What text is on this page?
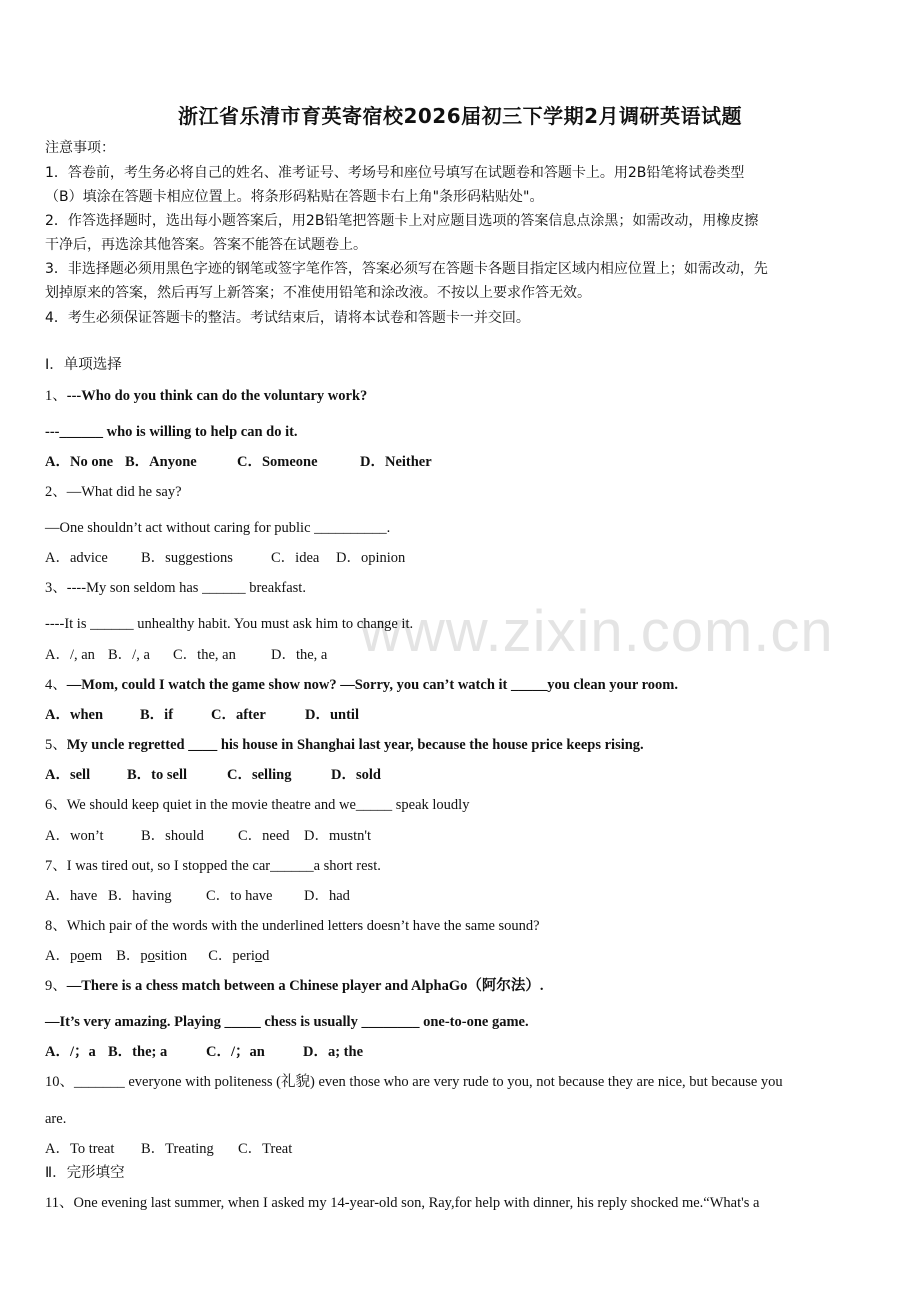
www.zixin.com.cn
浙江省乐清市育英寄宿校2026届初三下学期2月调研英语试题
注意事项：
1．答卷前，考生务必将自己的姓名、准考证号、考场号和座位号填写在试题卷和答题卡上。用2B铅笔将试卷类型
（B）填涂在答题卡相应位置上。将条形码粘贴在答题卡右上角"条形码粘贴处"。
2．作答选择题时，选出每小题答案后，用2B铅笔把答题卡上对应题目选项的答案信息点涂黑；如需改动，用橡皮擦
干净后，再选涂其他答案。答案不能答在试题卷上。
3．非选择题必须用黑色字迹的钢笔或签字笔作答，答案必须写在答题卡各题目指定区域内相应位置上；如需改动，先
划掉原来的答案，然后再写上新答案；不准使用铅笔和涂改液。不按以上要求作答无效。
4．考生必须保证答题卡的整洁。考试结束后，请将本试卷和答题卡一并交回。
Ⅰ．单项选择
1、---Who do you think can do the voluntary work?
---______ who is willing to help can do it.
A．No one B．Anyone	C．Someone	D．Neither
2、—What did he say?
—One shouldn’t act without caring for public __________.
A．advice B．suggestions	C．idea D．opinion
3、----My son seldom has ______ breakfast.
----It is ______ unhealthy habit. You must ask him to change it.
A．/, an B．/, a C．the, an D．the, a
4、—Mom, could I watch the game show now? —Sorry, you can’t watch it _____you clean your room.
A．when	B．if	C．after	D．until
5、My uncle regretted ____ his house in Shanghai last year, because the house price keeps rising.
A．sell	B．to sell	C．selling	D．sold
6、We should keep quiet in the movie theatre and we_____ speak loudly
A．won’t	B．should C．need D．mustn't
7、I was tired out, so I stopped the car______a short rest.
A．have B．having C．to have D．had
8、Which pair of the words with the underlined letters doesn’t have the same sound?
A．poem B．position C．period
9、—There is a chess match between a Chinese player and AlphaGo（阿尔法）.
—It’s very amazing. Playing _____ chess is usually ________ one-to-one game.
A．/；a B．the; a	C．/；an	D．a; the
10、_______ everyone with politeness (礼貌) even those who are very rude to you, not because they are nice, but because you
are.
A．To treat B．Treating C．Treat
Ⅱ．完形填空
11、One evening last summer, when I asked my 14-year-old son, Ray,for help with dinner, his reply shocked me.“What's a
